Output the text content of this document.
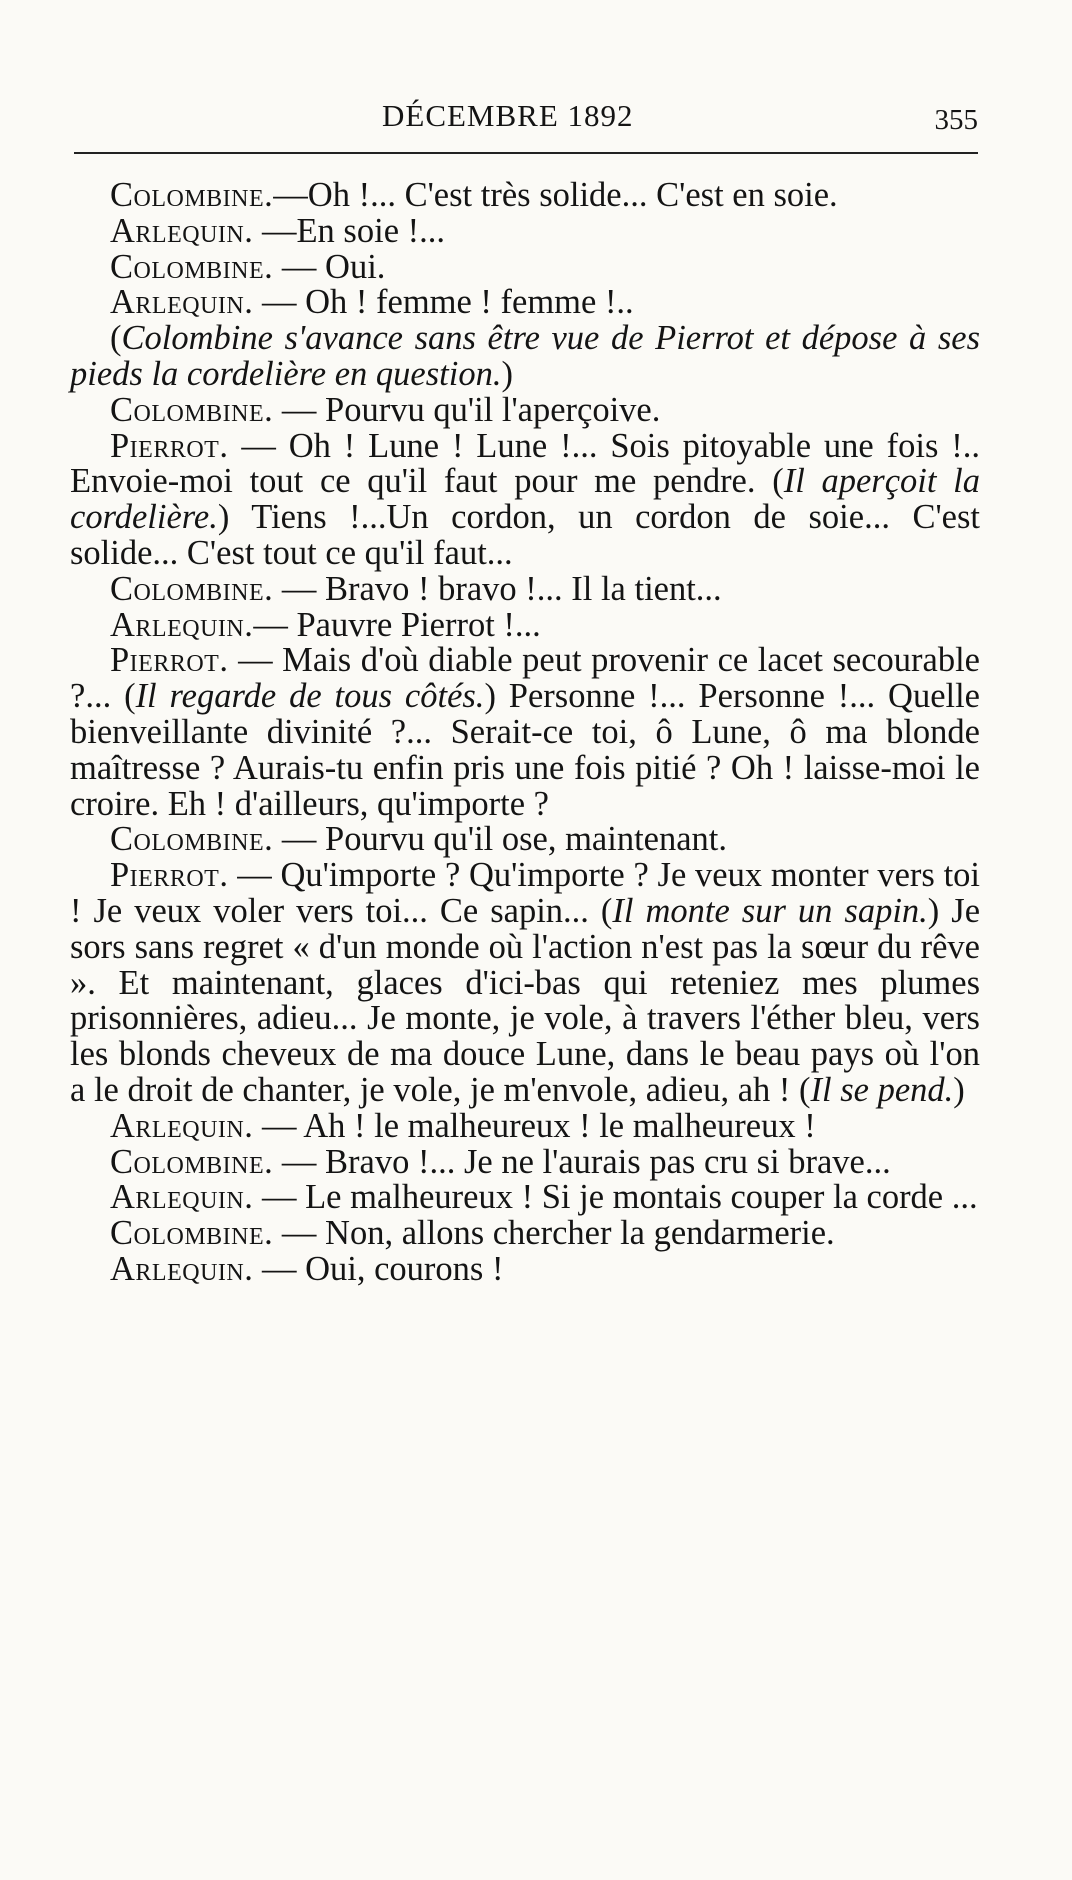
DÉCEMBRE 1892	355

Colombine.—Oh !... C'est très solide... C'est en soie.

Arlequin. —En soie !...

Colombine. — Oui.

Arlequin. — Oh ! femme ! femme !..

(Colombine s'avance sans être vue de Pierrot et dépose à ses pieds la cordelière en question.)

Colombine. — Pourvu qu'il l'aperçoive.

Pierrot. — Oh ! Lune ! Lune !... Sois pitoyable une fois !.. Envoie-moi tout ce qu'il faut pour me pendre. (Il aperçoit la cordelière.) Tiens !...Un cordon, un cordon de soie... C'est solide... C'est tout ce qu'il faut...

Colombine. — Bravo ! bravo !... Il la tient...

Arlequin.— Pauvre Pierrot !...

Pierrot. — Mais d'où diable peut provenir ce lacet secourable ?... (Il regarde de tous côtés.) Personne !... Personne !... Quelle bienveillante divinité ?... Serait-ce toi, ô Lune, ô ma blonde maîtresse ? Aurais-tu enfin pris une fois pitié ? Oh ! laisse-moi le croire. Eh ! d'ailleurs, qu'importe ?

Colombine. — Pourvu qu'il ose, maintenant.

Pierrot. — Qu'importe ? Qu'importe ? Je veux monter vers toi ! Je veux voler vers toi... Ce sapin... (Il monte sur un sapin.) Je sors sans regret « d'un monde où l'action n'est pas la sœur du rêve ». Et maintenant, glaces d'ici-bas qui reteniez mes plumes prisonnières, adieu... Je monte, je vole, à travers l'éther bleu, vers les blonds cheveux de ma douce Lune, dans le beau pays où l'on a le droit de chanter, je vole, je m'envole, adieu, ah ! (Il se pend.)

Arlequin. — Ah ! le malheureux ! le malheureux !

Colombine. — Bravo !... Je ne l'aurais pas cru si brave...

Arlequin. — Le malheureux ! Si je montais couper la corde ...

Colombine. — Non, allons chercher la gendarmerie.

Arlequin. — Oui, courons !
